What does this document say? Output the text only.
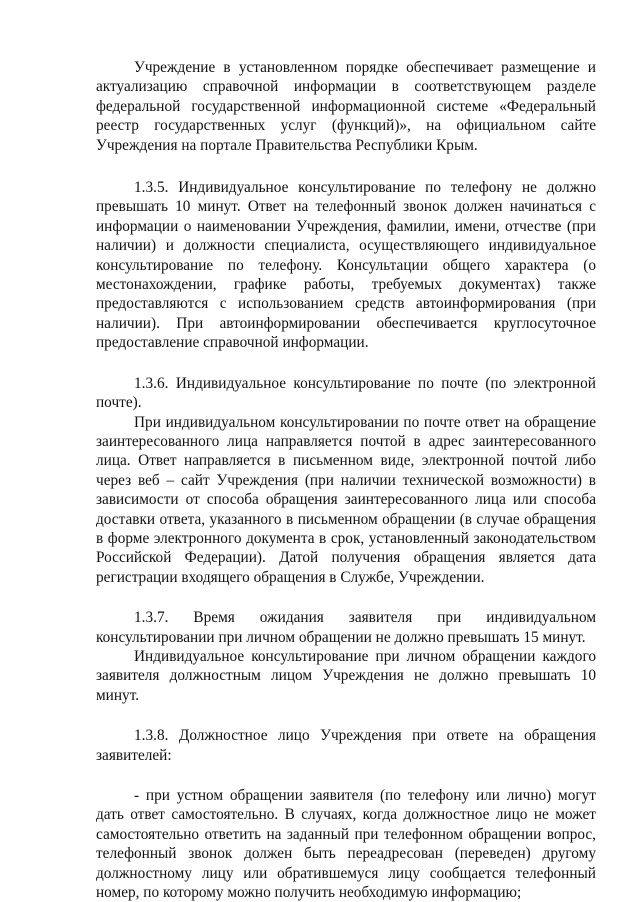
Учреждение в установленном порядке обеспечивает размещение и актуализацию справочной информации в соответствующем разделе федеральной государственной информационной системе «Федеральный реестр государственных услуг (функций)», на официальном сайте Учреждения на портале Правительства Республики Крым.

1.3.5. Индивидуальное консультирование по телефону не должно превышать 10 минут. Ответ на телефонный звонок должен начинаться с информации о наименовании Учреждения, фамилии, имени, отчестве (при наличии) и должности специалиста, осуществляющего индивидуальное консультирование по телефону. Консультации общего характера (о местонахождении, графике работы, требуемых документах) также предоставляются с использованием средств автоинформирования (при наличии). При автоинформировании обеспечивается круглосуточное предоставление справочной информации.

1.3.6. Индивидуальное консультирование по почте (по электронной почте).

При индивидуальном консультировании по почте ответ на обращение заинтересованного лица направляется почтой в адрес заинтересованного лица. Ответ направляется в письменном виде, электронной почтой либо через веб – сайт Учреждения (при наличии технической возможности) в зависимости от способа обращения заинтересованного лица или способа доставки ответа, указанного в письменном обращении (в случае обращения в форме электронного документа в срок, установленный законодательством Российской Федерации). Датой получения обращения является дата регистрации входящего обращения в Службе, Учреждении.

1.3.7. Время ожидания заявителя при индивидуальном консультировании при личном обращении не должно превышать 15 минут.

Индивидуальное консультирование при личном обращении каждого заявителя должностным лицом Учреждения не должно превышать 10 минут.

1.3.8. Должностное лицо Учреждения при ответе на обращения заявителей:

- при устном обращении заявителя (по телефону или лично) могут дать ответ самостоятельно. В случаях, когда должностное лицо не может самостоятельно ответить на заданный при телефонном обращении вопрос, телефонный звонок должен быть переадресован (переведен) другому должностному лицу или обратившемуся лицу сообщается телефонный номер, по которому можно получить необходимую информацию;
